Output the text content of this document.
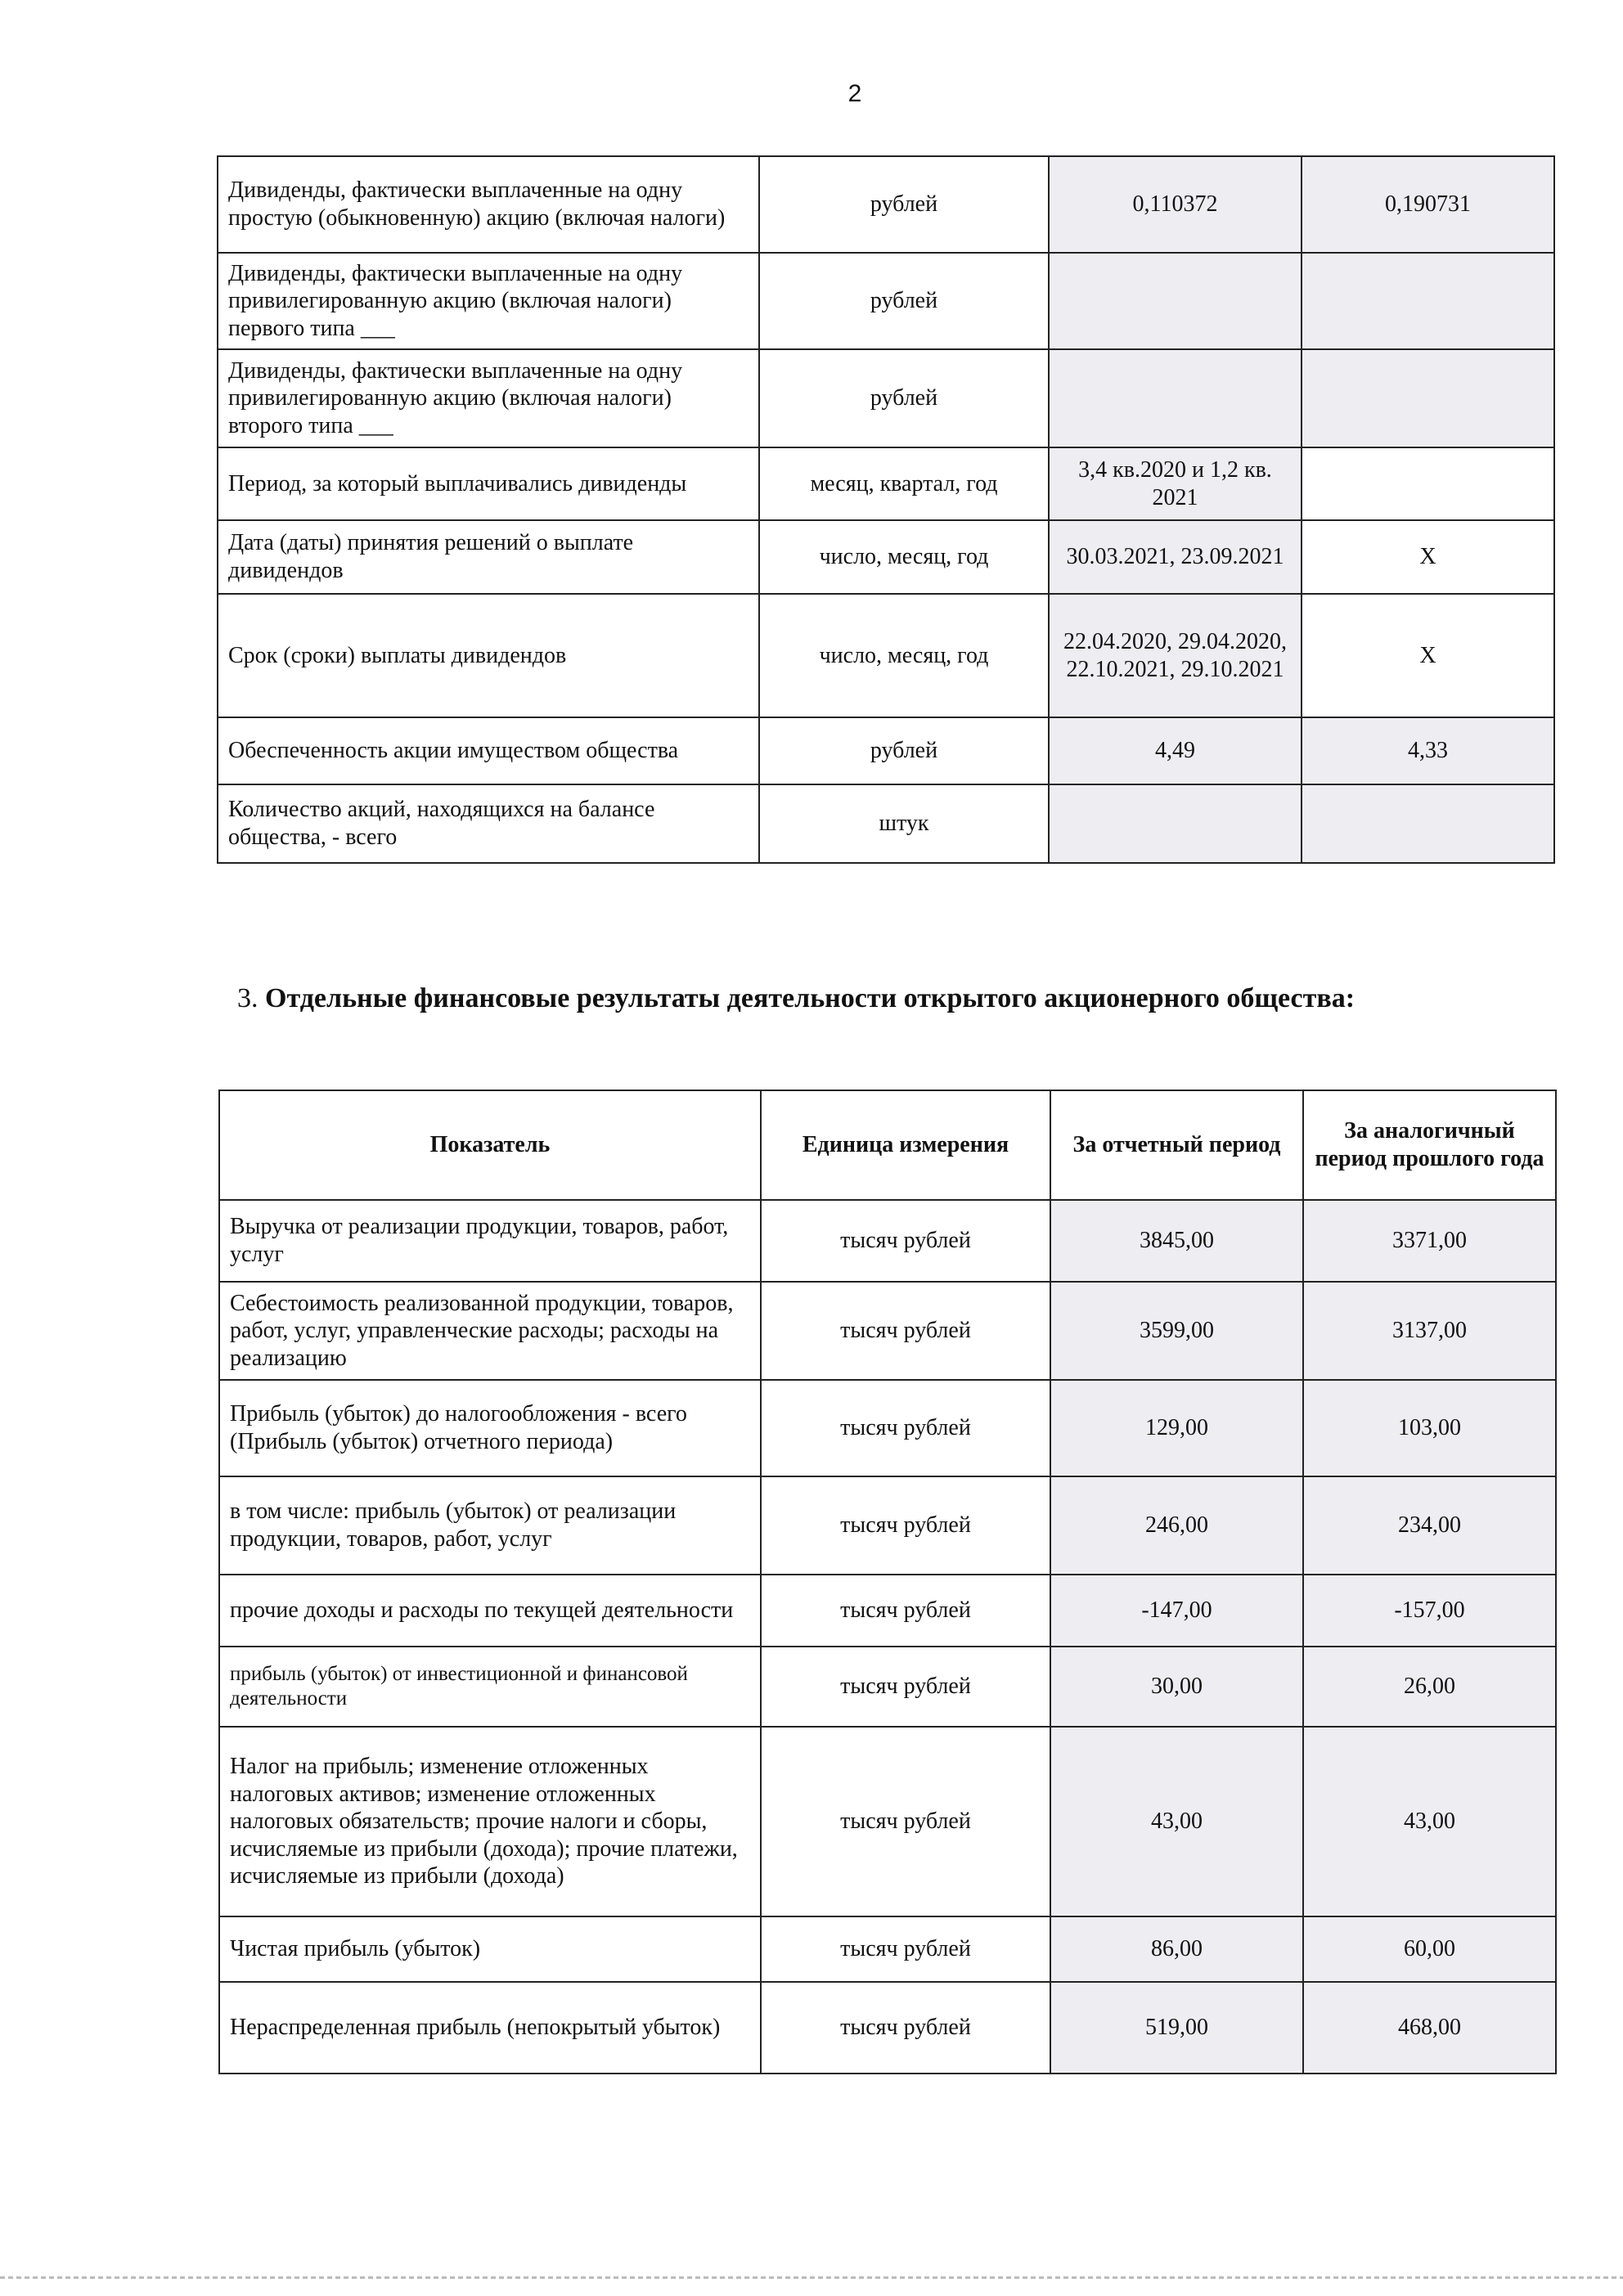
2
Дивиденды, фактически выплаченные на одну простую (обыкновенную) акцию (включая налоги)	рублей	0,110372	0,190731
Дивиденды, фактически выплаченные на одну привилегированную акцию (включая налоги) первого типа ___	рублей		
Дивиденды, фактически выплаченные на одну привилегированную акцию (включая налоги) второго типа ___	рублей		
Период, за который выплачивались дивиденды	месяц, квартал, год	3,4 кв.2020 и 1,2 кв. 2021	
Дата (даты) принятия решений о выплате дивидендов	число, месяц, год	30.03.2021, 23.09.2021	X
Срок (сроки) выплаты дивидендов	число, месяц, год	22.04.2020, 29.04.2020, 22.10.2021, 29.10.2021	X
Обеспеченность акции имуществом общества	рублей	4,49	4,33
Количество акций, находящихся на балансе общества, - всего	штук		
3. Отдельные финансовые результаты деятельности открытого акционерного общества:
Показатель	Единица измерения	За отчетный период	За аналогичный период прошлого года
Выручка от реализации продукции, товаров, работ, услуг	тысяч рублей	3845,00	3371,00
Себестоимость реализованной продукции, товаров, работ, услуг, управленческие расходы; расходы на реализацию	тысяч рублей	3599,00	3137,00
Прибыль (убыток) до налогообложения - всего (Прибыль (убыток) отчетного периода)	тысяч рублей	129,00	103,00
в том числе: прибыль (убыток) от реализации продукции, товаров, работ, услуг	тысяч рублей	246,00	234,00
прочие доходы и расходы по текущей деятельности	тысяч рублей	-147,00	-157,00
прибыль (убыток) от инвестиционной и финансовой деятельности	тысяч рублей	30,00	26,00
Налог на прибыль; изменение отложенных налоговых активов; изменение отложенных налоговых обязательств; прочие налоги и сборы, исчисляемые из прибыли (дохода); прочие платежи, исчисляемые из прибыли (дохода)	тысяч рублей	43,00	43,00
Чистая прибыль (убыток)	тысяч рублей	86,00	60,00
Нераспределенная прибыль (непокрытый убыток)	тысяч рублей	519,00	468,00
